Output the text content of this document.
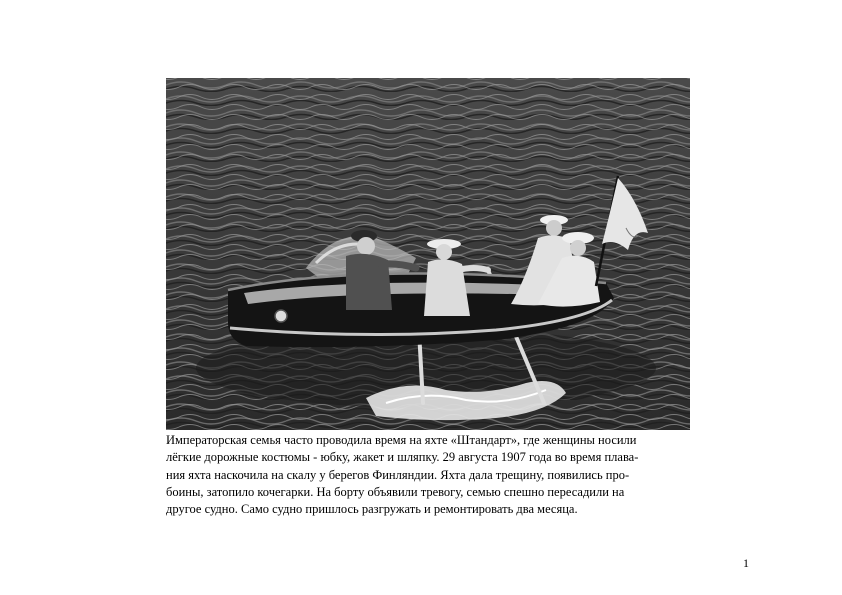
Императорская семья часто проводила время на яхте «Штандарт», где женщины носили
лёгкие дорожные костюмы - юбку, жакет и шляпку. 29 августа 1907 года во время плава-
ния яхта наскочила на скалу у берегов Финляндии. Яхта дала трещину, появились про-
боины, затопило кочегарки. На борту объявили тревогу, семью спешно пересадили на
другое судно. Само судно пришлось разгружать и ремонтировать два месяца.
1
